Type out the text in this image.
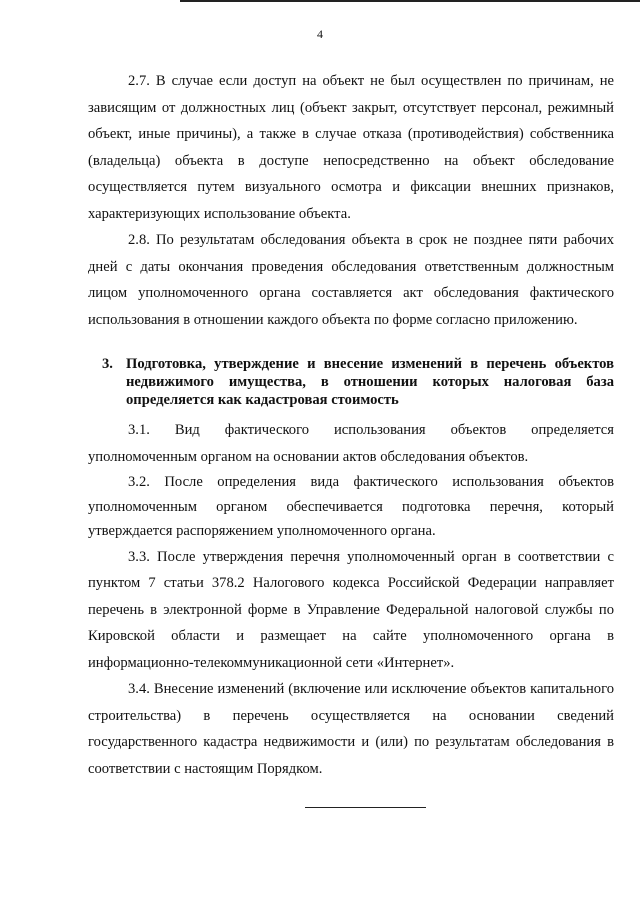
4

2.7. В случае если доступ на объект не был осуществлен по причинам, не зависящим от должностных лиц (объект закрыт, отсутствует персонал, режимный объект, иные причины), а также в случае отказа (противодействия) собственника (владельца) объекта в доступе непосредственно на объект обследование осуществляется путем визуального осмотра и фиксации внешних признаков, характеризующих использование объекта.

2.8. По результатам обследования объекта в срок не позднее пяти рабочих дней с даты окончания проведения обследования ответственным должностным лицом уполномоченного органа составляется акт обследования фактического использования в отношении каждого объекта по форме согласно приложению.

3. Подготовка, утверждение и внесение изменений в перечень объектов недвижимого имущества, в отношении которых налоговая база определяется как кадастровая стоимость

3.1. Вид фактического использования объектов определяется уполномоченным органом на основании актов обследования объектов.

3.2. После определения вида фактического использования объектов уполномоченным органом обеспечивается подготовка перечня, который утверждается распоряжением уполномоченного органа.

3.3. После утверждения перечня уполномоченный орган в соответствии с пунктом 7 статьи 378.2 Налогового кодекса Российской Федерации направляет перечень в электронной форме в Управление Федеральной налоговой службы по Кировской области и размещает на сайте уполномоченного органа в информационно-телекоммуникационной сети «Интернет».

3.4. Внесение изменений (включение или исключение объектов капитального строительства) в перечень осуществляется на основании сведений государственного кадастра недвижимости и (или) по результатам обследования в соответствии с настоящим Порядком.
